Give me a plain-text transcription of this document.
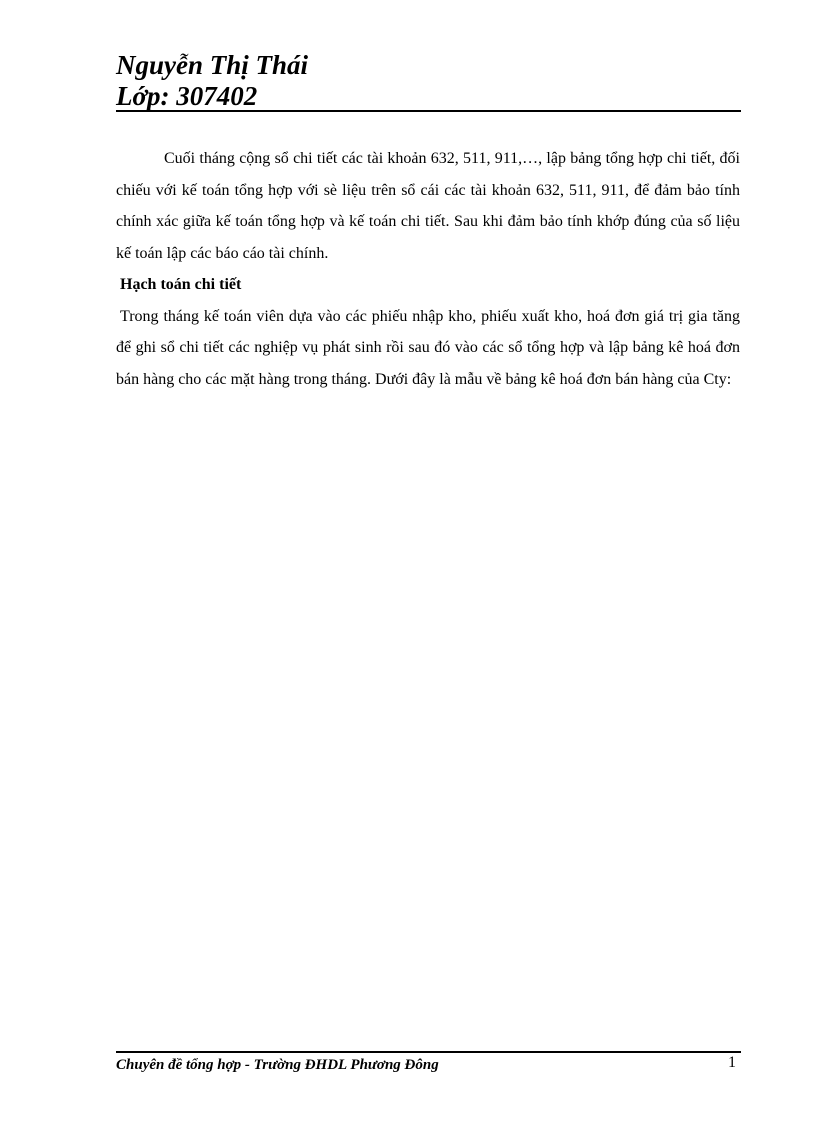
Nguyễn Thị Thái

Lớp: 307402

Cuối tháng cộng sổ chi tiết các tài khoản 632, 511, 911,…, lập bảng tổng hợp chi tiết, đối chiếu với kế toán tổng hợp với sè liệu trên sổ cái các tài khoản 632, 511, 911, để đảm bảo tính chính xác giữa kế toán tổng hợp và kế toán chi tiết. Sau khi đảm bảo tính khớp đúng của số liệu kế toán lập các báo cáo tài chính.

Hạch toán chi tiết

Trong tháng kế toán viên dựa vào các phiếu nhập kho, phiếu xuất kho, hoá đơn giá trị gia tăng để ghi sổ chi tiết các nghiệp vụ phát sinh rồi sau đó vào các sổ tổng hợp và lập bảng kê hoá đơn bán hàng cho các mặt hàng trong tháng. Dưới đây là mẫu về bảng kê hoá đơn bán hàng của Cty:

Chuyên đề tổng hợp - Trường ĐHDL Phương Đông	1
